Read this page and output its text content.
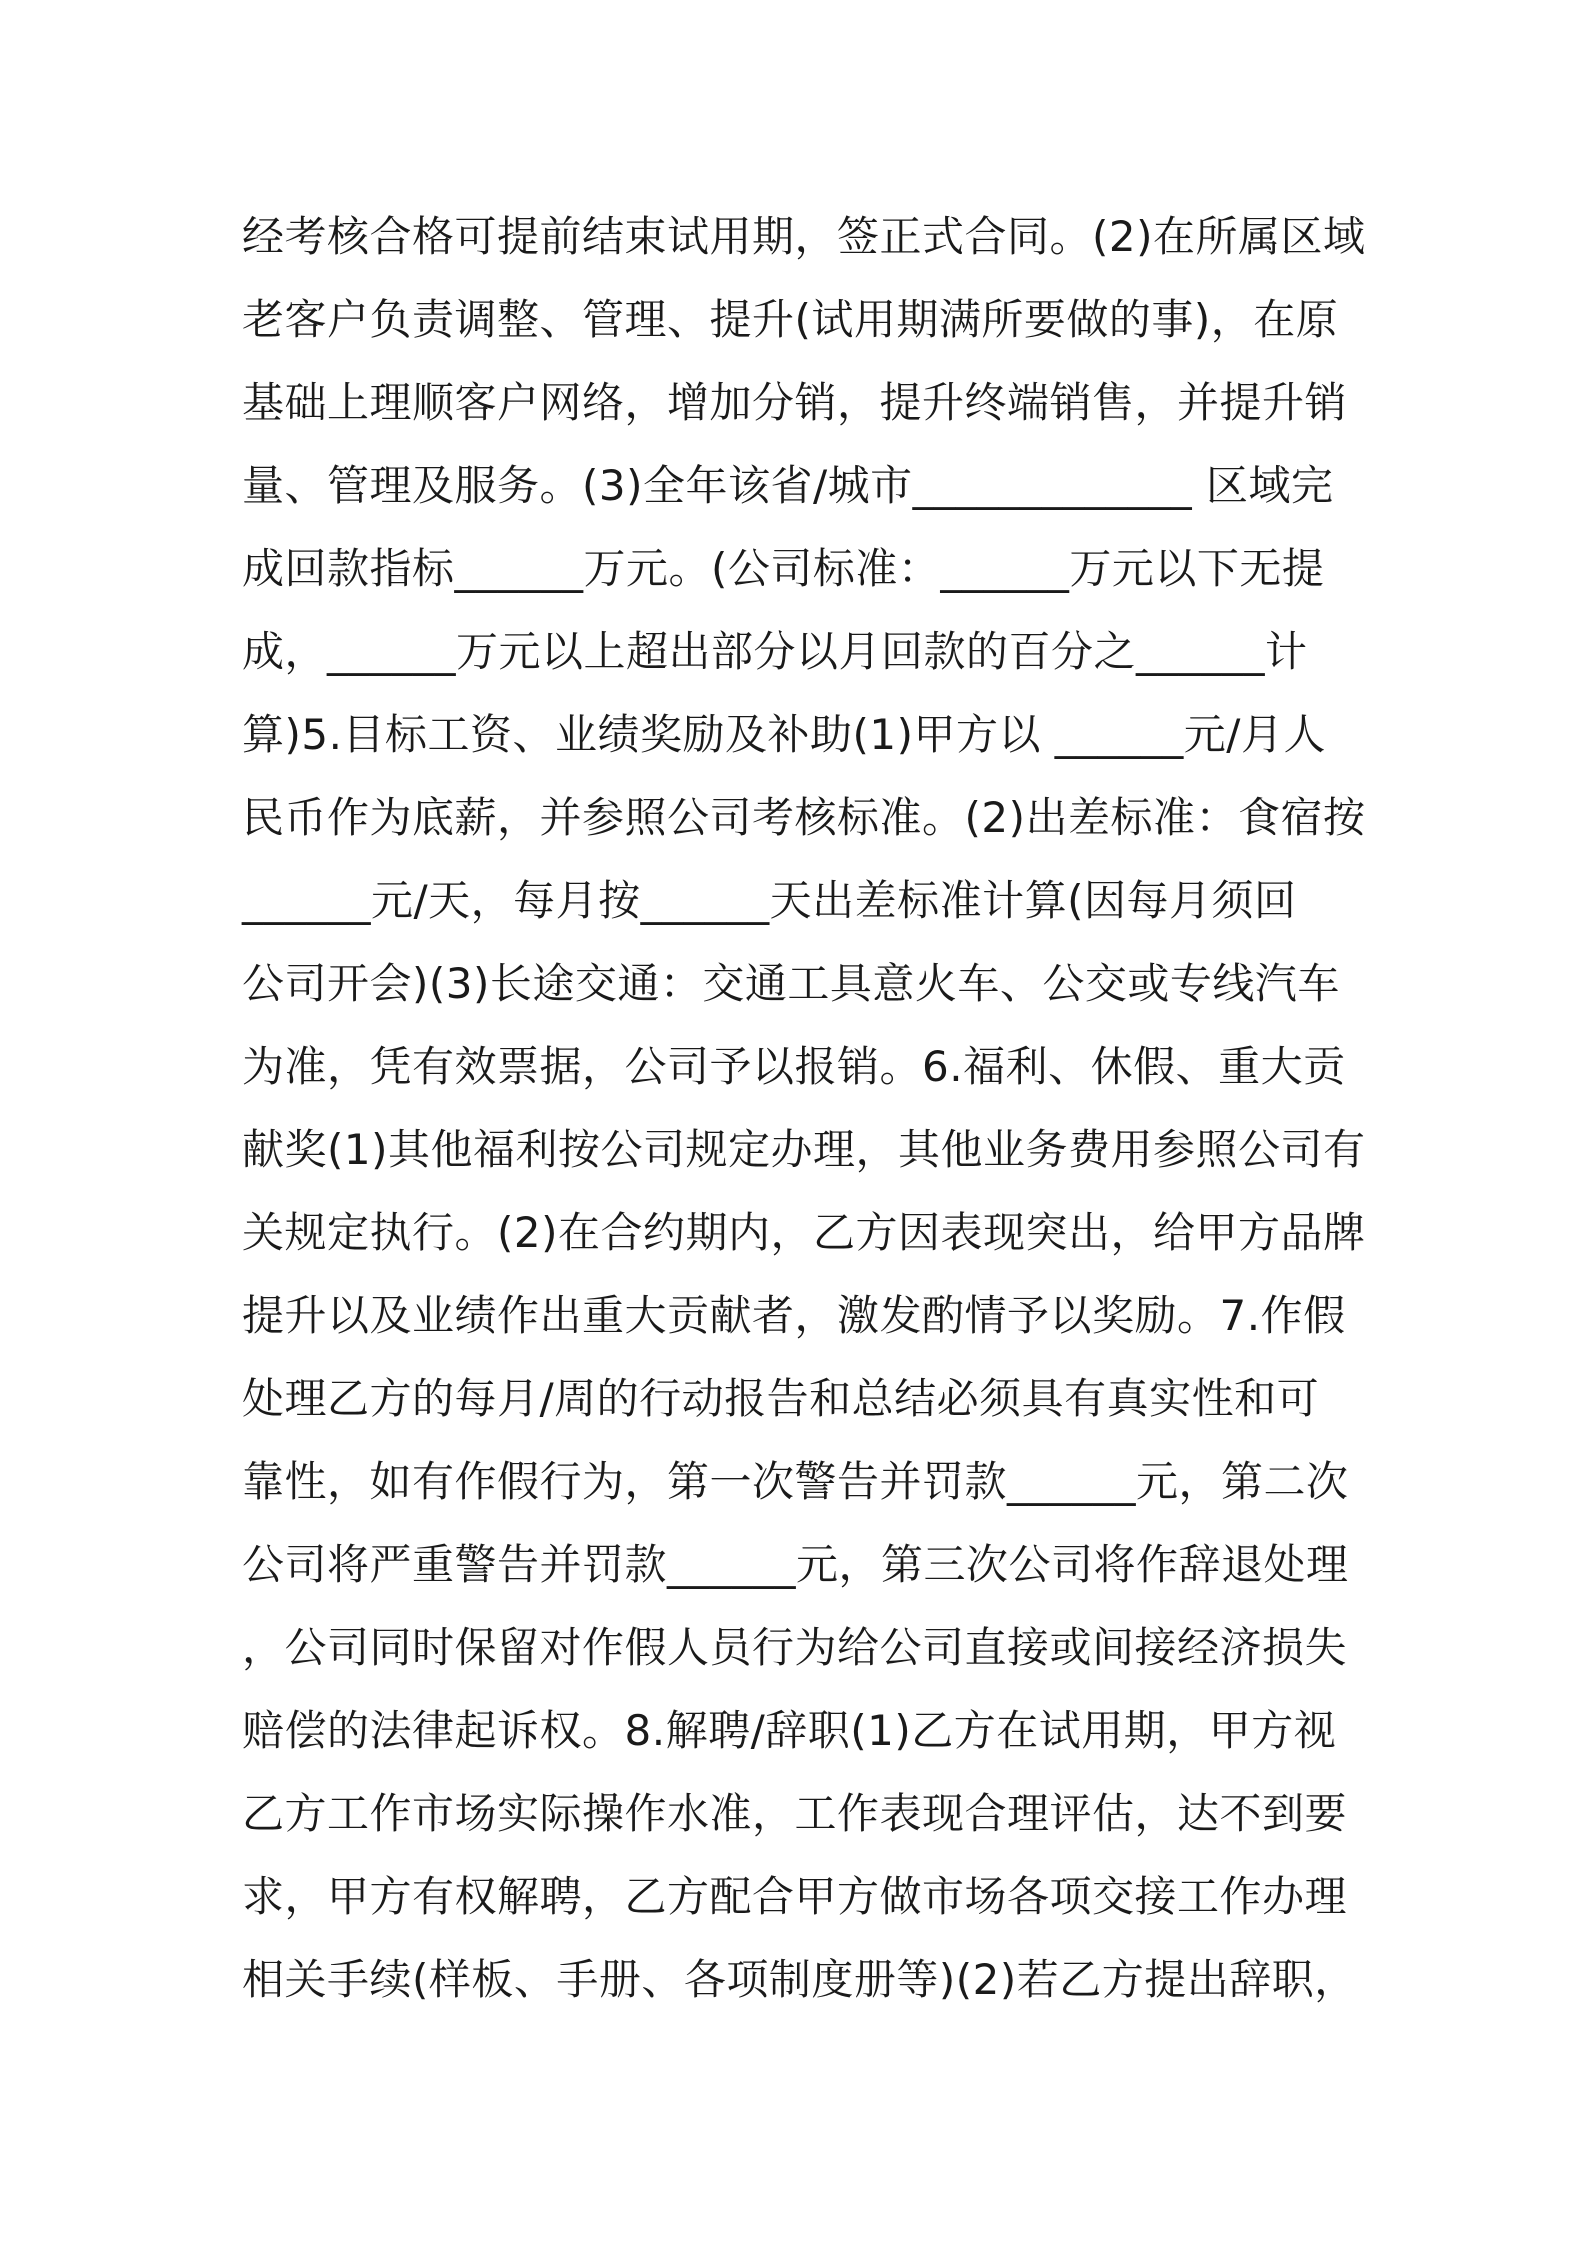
经考核合格可提前结束试用期，签正式合同。(2)在所属区域
老客户负责调整、管理、提升(试用期满所要做的事)，在原
基础上理顺客户网络，增加分销，提升终端销售，并提升销
量、管理及服务。(3)全年该省/城市_____________ 区域完
成回款指标______万元。(公司标准：______万元以下无提
成，______万元以上超出部分以月回款的百分之______计
算)5.目标工资、业绩奖励及补助(1)甲方以 ______元/月人
民币作为底薪，并参照公司考核标准。(2)出差标准：食宿按
______元/天，每月按______天出差标准计算(因每月须回
公司开会)(3)长途交通：交通工具意火车、公交或专线汽车
为准，凭有效票据，公司予以报销。6.福利、休假、重大贡
献奖(1)其他福利按公司规定办理，其他业务费用参照公司有
关规定执行。(2)在合约期内，乙方因表现突出，给甲方品牌
提升以及业绩作出重大贡献者，激发酌情予以奖励。7.作假
处理乙方的每月/周的行动报告和总结必须具有真实性和可
靠性，如有作假行为，第一次警告并罚款______元，第二次
公司将严重警告并罚款______元，第三次公司将作辞退处理
，公司同时保留对作假人员行为给公司直接或间接经济损失
赔偿的法律起诉权。8.解聘/辞职(1)乙方在试用期，甲方视
乙方工作市场实际操作水准，工作表现合理评估，达不到要
求，甲方有权解聘，乙方配合甲方做市场各项交接工作办理
相关手续(样板、手册、各项制度册等)(2)若乙方提出辞职，
